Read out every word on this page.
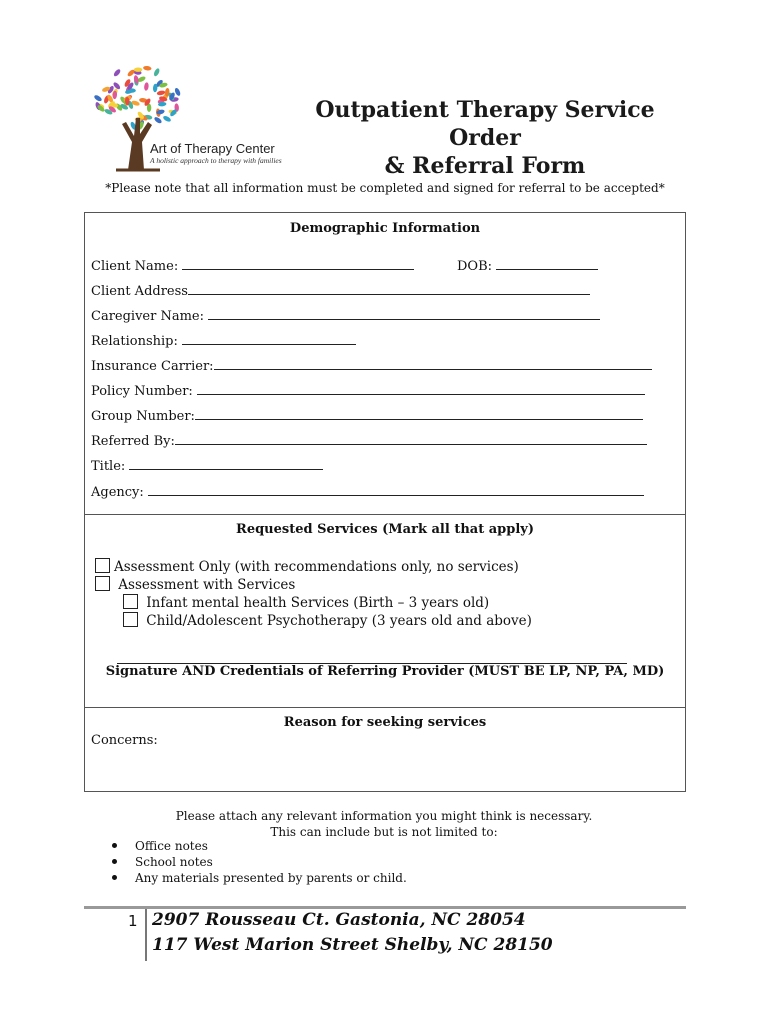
Art of Therapy Center
A holistic approach to therapy with families
Outpatient Therapy Service Order
& Referral Form
*Please note that all information must be completed and signed for referral to be accepted*
Demographic Information
Client Name:	DOB:
Client Address
Caregiver Name:
Relationship:
Insurance Carrier:
Policy Number:
Group Number:
Referred By:
Title:
Agency:
Requested Services (Mark all that apply)
Assessment Only (with recommendations only, no services)
Assessment with Services
Infant mental health Services (Birth – 3 years old)
Child/Adolescent Psychotherapy (3 years old and above)
Signature AND Credentials of Referring Provider (MUST BE LP, NP, PA, MD)
Reason for seeking services
Concerns:
Please attach any relevant information you might think is necessary.
This can include but is not limited to:
Office notes
School notes
Any materials presented by parents or child.
1 2907 Rousseau Ct. Gastonia, NC 28054
117 West Marion Street Shelby, NC 28150
